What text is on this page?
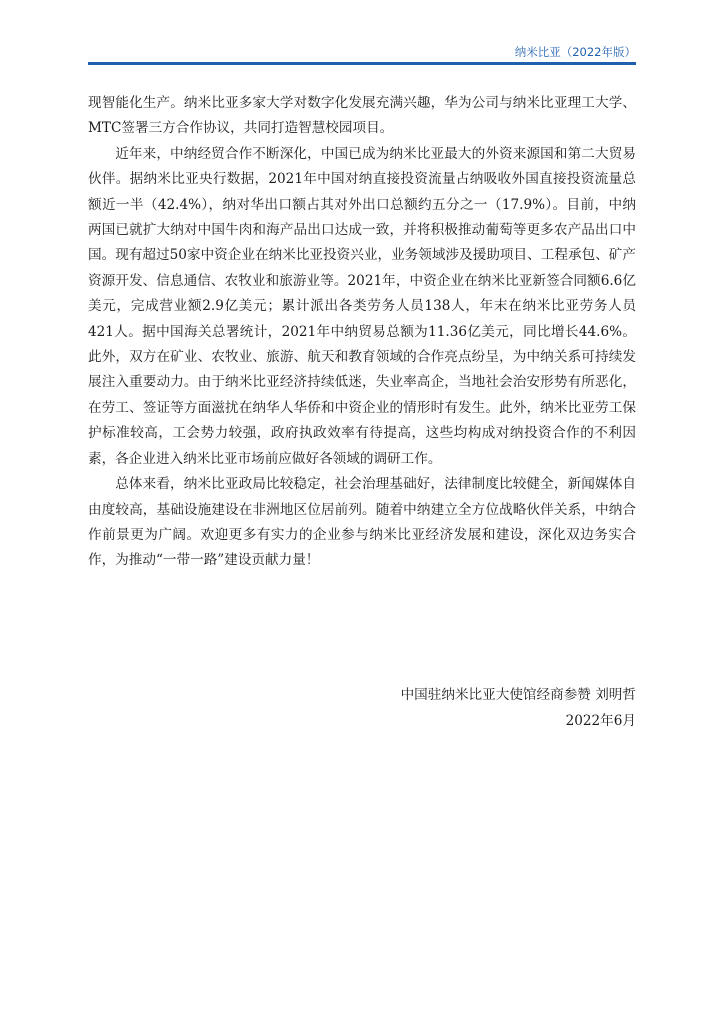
纳米比亚（2022年版）

现智能化生产。纳米比亚多家大学对数字化发展充满兴趣，华为公司与纳米比亚理工大学、MTC签署三方合作协议，共同打造智慧校园项目。

近年来，中纳经贸合作不断深化，中国已成为纳米比亚最大的外资来源国和第二大贸易伙伴。据纳米比亚央行数据，2021年中国对纳直接投资流量占纳吸收外国直接投资流量总额近一半（42.4%），纳对华出口额占其对外出口总额约五分之一（17.9%）。目前，中纳两国已就扩大纳对中国牛肉和海产品出口达成一致，并将积极推动葡萄等更多农产品出口中国。现有超过50家中资企业在纳米比亚投资兴业，业务领域涉及援助项目、工程承包、矿产资源开发、信息通信、农牧业和旅游业等。2021年，中资企业在纳米比亚新签合同额6.6亿美元，完成营业额2.9亿美元；累计派出各类劳务人员138人，年末在纳米比亚劳务人员421人。据中国海关总署统计，2021年中纳贸易总额为11.36亿美元，同比增长44.6%。此外，双方在矿业、农牧业、旅游、航天和教育领域的合作亮点纷呈，为中纳关系可持续发展注入重要动力。由于纳米比亚经济持续低迷，失业率高企，当地社会治安形势有所恶化，在劳工、签证等方面滋扰在纳华人华侨和中资企业的情形时有发生。此外，纳米比亚劳工保护标准较高，工会势力较强，政府执政效率有待提高，这些均构成对纳投资合作的不利因素，各企业进入纳米比亚市场前应做好各领域的调研工作。

总体来看，纳米比亚政局比较稳定，社会治理基础好，法律制度比较健全，新闻媒体自由度较高，基础设施建设在非洲地区位居前列。随着中纳建立全方位战略伙伴关系，中纳合作前景更为广阔。欢迎更多有实力的企业参与纳米比亚经济发展和建设，深化双边务实合作，为推动“一带一路”建设贡献力量！

中国驻纳米比亚大使馆经商参赞 刘明哲
2022年6月
